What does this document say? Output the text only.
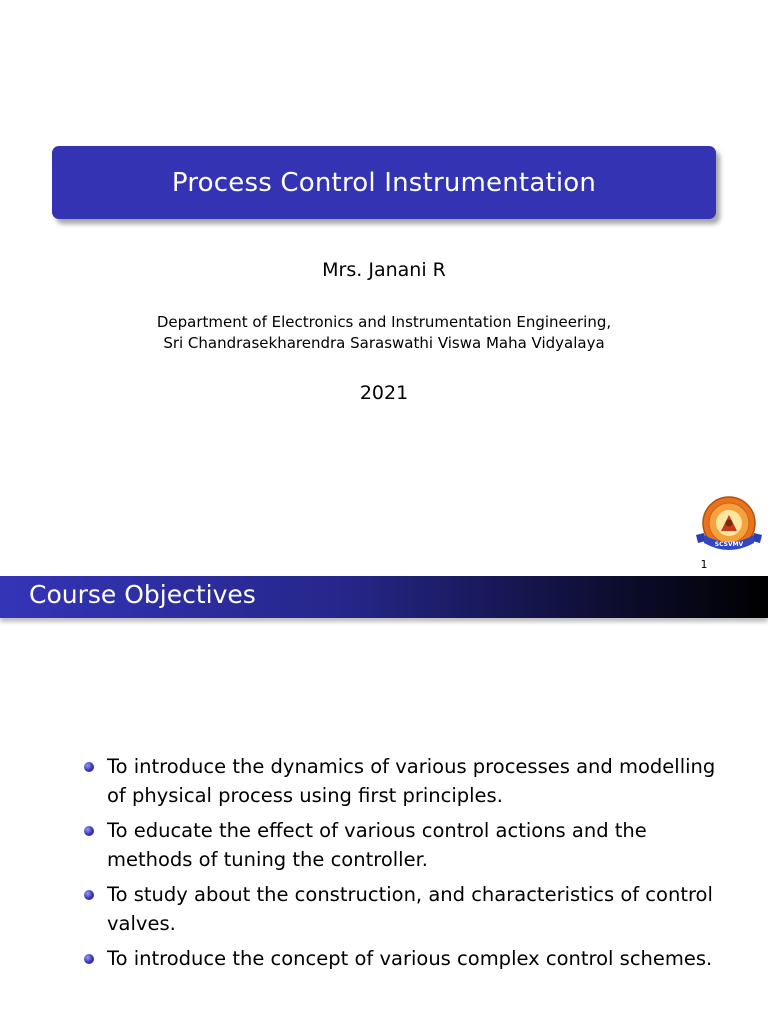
Process Control Instrumentation
Mrs. Janani R
Department of Electronics and Instrumentation Engineering,
Sri Chandrasekharendra Saraswathi Viswa Maha Vidyalaya
2021
SCSVMV
1
Course Objectives
To introduce the dynamics of various processes and modelling of physical process using first principles.
To educate the effect of various control actions and the methods of tuning the controller.
To study about the construction, and characteristics of control valves.
To introduce the concept of various complex control schemes.
